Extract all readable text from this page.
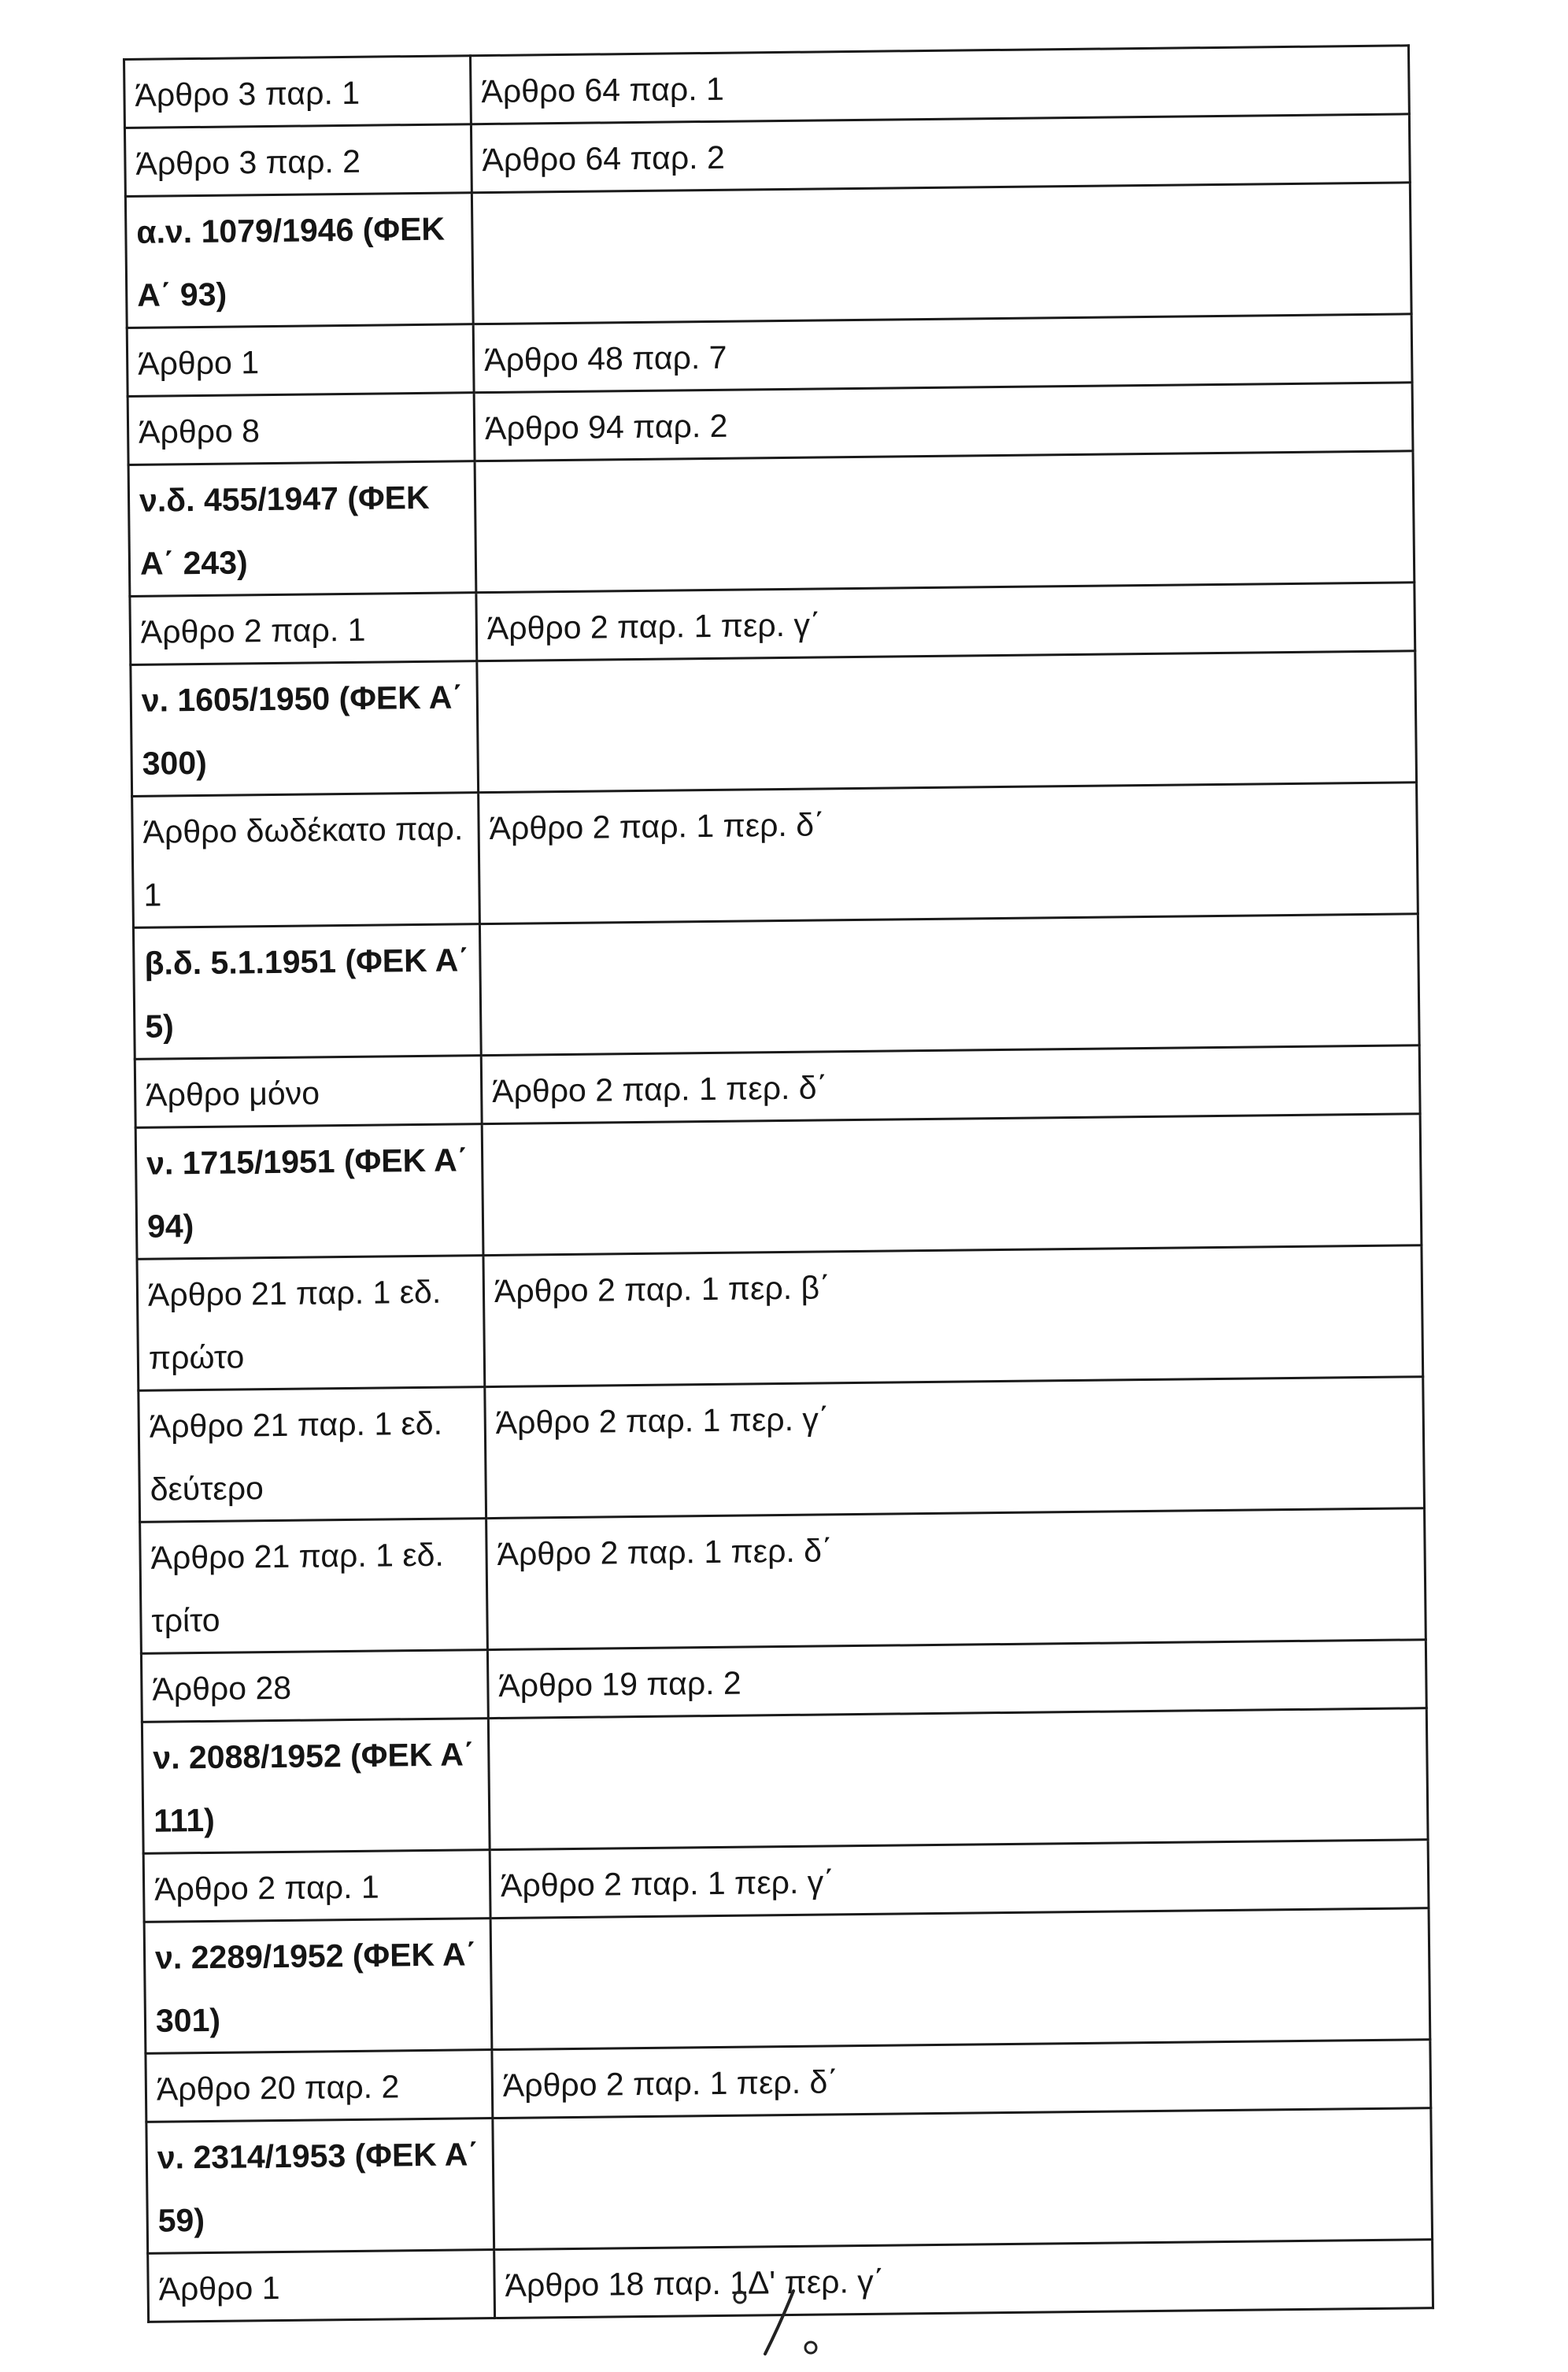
Άρθρο 3 παρ. 1	Άρθρο 64 παρ. 1
Άρθρο 3 παρ. 2	Άρθρο 64 παρ. 2
α.ν. 1079/1946 (ΦΕΚ Α΄ 93)	
Άρθρο 1	Άρθρο 48 παρ. 7
Άρθρο 8	Άρθρο 94 παρ. 2
ν.δ. 455/1947 (ΦΕΚ Α΄ 243)	
Άρθρο 2 παρ. 1	Άρθρο 2 παρ. 1 περ. γ΄
ν. 1605/1950 (ΦΕΚ Α΄ 300)	
Άρθρο δωδέκατο παρ. 1	Άρθρο 2 παρ. 1 περ. δ΄
β.δ. 5.1.1951 (ΦΕΚ Α΄ 5)	
Άρθρο μόνο	Άρθρο 2 παρ. 1 περ. δ΄
ν. 1715/1951 (ΦΕΚ Α΄ 94)	
Άρθρο 21 παρ. 1 εδ. πρώτο	Άρθρο 2 παρ. 1 περ. β΄
Άρθρο 21 παρ. 1 εδ. δεύτερο	Άρθρο 2 παρ. 1 περ. γ΄
Άρθρο 21 παρ. 1 εδ. τρίτο	Άρθρο 2 παρ. 1 περ. δ΄
Άρθρο 28	Άρθρο 19 παρ. 2
ν. 2088/1952 (ΦΕΚ Α΄ 111)	
Άρθρο 2 παρ. 1	Άρθρο 2 παρ. 1 περ. γ΄
ν. 2289/1952 (ΦΕΚ Α΄ 301)	
Άρθρο 20 παρ. 2	Άρθρο 2 παρ. 1 περ. δ΄
ν. 2314/1953 (ΦΕΚ Α΄ 59)	
Άρθρο 1	Άρθρο 18 παρ. 1Δ' περ. γ΄
